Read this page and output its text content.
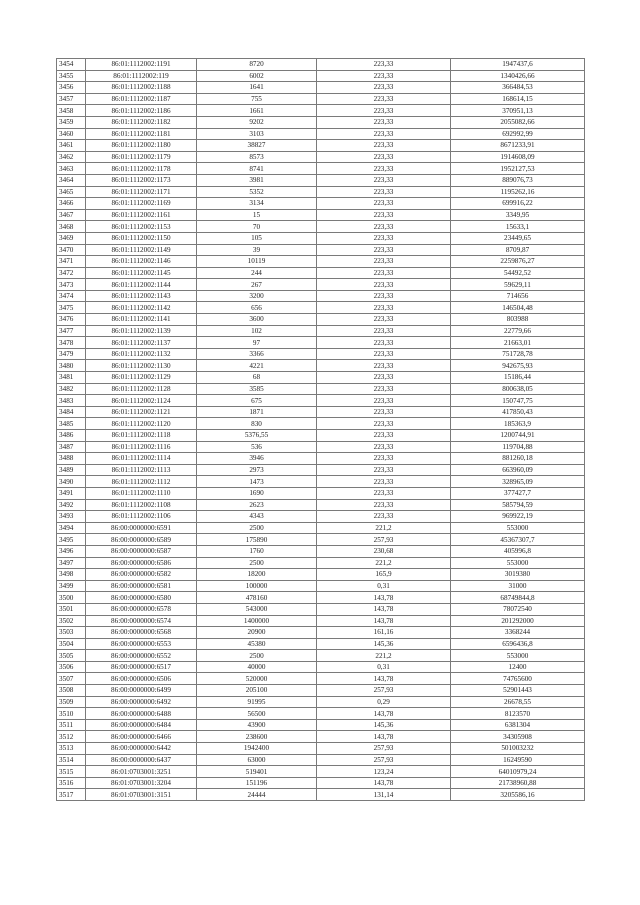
3454	86:01:1112002:1191	8720	223,33	1947437,6
3455	86:01:1112002:119	6002	223,33	1340426,66
3456	86:01:1112002:1188	1641	223,33	366484,53
3457	86:01:1112002:1187	755	223,33	168614,15
3458	86:01:1112002:1186	1661	223,33	370951,13
3459	86:01:1112002:1182	9202	223,33	2055082,66
3460	86:01:1112002:1181	3103	223,33	692992,99
3461	86:01:1112002:1180	38827	223,33	8671233,91
3462	86:01:1112002:1179	8573	223,33	1914608,09
3463	86:01:1112002:1178	8741	223,33	1952127,53
3464	86:01:1112002:1173	3981	223,33	889076,73
3465	86:01:1112002:1171	5352	223,33	1195262,16
3466	86:01:1112002:1169	3134	223,33	699916,22
3467	86:01:1112002:1161	15	223,33	3349,95
3468	86:01:1112002:1153	70	223,33	15633,1
3469	86:01:1112002:1150	105	223,33	23449,65
3470	86:01:1112002:1149	39	223,33	8709,87
3471	86:01:1112002:1146	10119	223,33	2259876,27
3472	86:01:1112002:1145	244	223,33	54492,52
3473	86:01:1112002:1144	267	223,33	59629,11
3474	86:01:1112002:1143	3200	223,33	714656
3475	86:01:1112002:1142	656	223,33	146504,48
3476	86:01:1112002:1141	3600	223,33	803988
3477	86:01:1112002:1139	102	223,33	22779,66
3478	86:01:1112002:1137	97	223,33	21663,01
3479	86:01:1112002:1132	3366	223,33	751728,78
3480	86:01:1112002:1130	4221	223,33	942675,93
3481	86:01:1112002:1129	68	223,33	15186,44
3482	86:01:1112002:1128	3585	223,33	800638,05
3483	86:01:1112002:1124	675	223,33	150747,75
3484	86:01:1112002:1121	1871	223,33	417850,43
3485	86:01:1112002:1120	830	223,33	185363,9
3486	86:01:1112002:1118	5376,55	223,33	1200744,91
3487	86:01:1112002:1116	536	223,33	119704,88
3488	86:01:1112002:1114	3946	223,33	881260,18
3489	86:01:1112002:1113	2973	223,33	663960,09
3490	86:01:1112002:1112	1473	223,33	328965,09
3491	86:01:1112002:1110	1690	223,33	377427,7
3492	86:01:1112002:1108	2623	223,33	585794,59
3493	86:01:1112002:1106	4343	223,33	969922,19
3494	86:00:0000000:6591	2500	221,2	553000
3495	86:00:0000000:6589	175890	257,93	45367307,7
3496	86:00:0000000:6587	1760	230,68	405996,8
3497	86:00:0000000:6586	2500	221,2	553000
3498	86:00:0000000:6582	18200	165,9	3019380
3499	86:00:0000000:6581	100000	0,31	31000
3500	86:00:0000000:6580	478160	143,78	68749844,8
3501	86:00:0000000:6578	543000	143,78	78072540
3502	86:00:0000000:6574	1400000	143,78	201292000
3503	86:00:0000000:6568	20900	161,16	3368244
3504	86:00:0000000:6553	45380	145,36	6596436,8
3505	86:00:0000000:6552	2500	221,2	553000
3506	86:00:0000000:6517	40000	0,31	12400
3507	86:00:0000000:6506	520000	143,78	74765600
3508	86:00:0000000:6499	205100	257,93	52901443
3509	86:00:0000000:6492	91995	0,29	26678,55
3510	86:00:0000000:6488	56500	143,78	8123570
3511	86:00:0000000:6484	43900	145,36	6381304
3512	86:00:0000000:6466	238600	143,78	34305908
3513	86:00:0000000:6442	1942400	257,93	501003232
3514	86:00:0000000:6437	63000	257,93	16249590
3515	86:01:0703001:3251	519401	123,24	64010979,24
3516	86:01:0703001:3204	151196	143,78	21738960,88
3517	86:01:0703001:3151	24444	131,14	3205586,16
